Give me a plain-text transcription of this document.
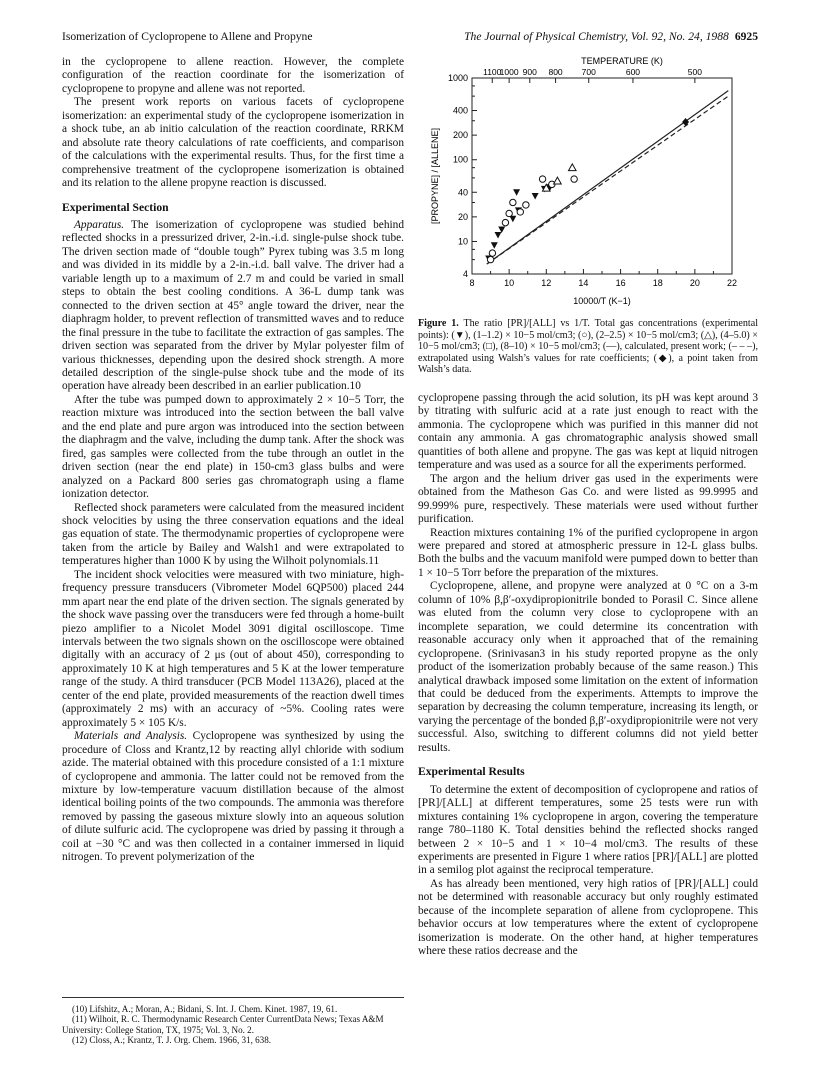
Isomerization of Cyclopropene to Allene and Propyne	The Journal of Physical Chemistry, Vol. 92, No. 24, 1988 6925

in the cyclopropene to allene reaction. However, the complete configuration of the reaction coordinate for the isomerization of cyclopropene to propyne and allene was not reported.

The present work reports on various facets of cyclopropene isomerization: an experimental study of the cyclopropene isomerization in a shock tube, an ab initio calculation of the reaction coordinate, RRKM and absolute rate theory calculations of rate coefficients, and comparison of the calculations with the experimental results. Thus, for the first time a comprehensive treatment of the cyclopropene isomerization is obtained and its relation to the allene propyne reaction is discussed.

Experimental Section

Apparatus. The isomerization of cyclopropene was studied behind reflected shocks in a pressurized driver, 2-in.-i.d. single-pulse shock tube. The driven section made of “double tough” Pyrex tubing was 3.5 m long and was divided in its middle by a 2-in.-i.d. ball valve. The driver had a variable length up to a maximum of 2.7 m and could be varied in small steps to obtain the best cooling conditions. A 36-L dump tank was connected to the driven section at 45° angle toward the driver, near the diaphragm holder, to prevent reflection of transmitted waves and to reduce the final pressure in the tube to facilitate the extraction of gas samples. The driven section was separated from the driver by Mylar polyester film of various thicknesses, depending upon the desired shock strength. A more detailed description of the single-pulse shock tube and the mode of its operation have already been described in an earlier publication.10

After the tube was pumped down to approximately 2 × 10−5 Torr, the reaction mixture was introduced into the section between the ball valve and the end plate and pure argon was introduced into the section between the diaphragm and the valve, including the dump tank. After the shock was fired, gas samples were collected from the tube through an outlet in the driven section (near the end plate) in 150-cm3 glass bulbs and were analyzed on a Packard 800 series gas chromatograph using a flame ionization detector.

Reflected shock parameters were calculated from the measured incident shock velocities by using the three conservation equations and the ideal gas equation of state. The thermodynamic properties of cyclopropene were taken from the article by Bailey and Walsh1 and were extrapolated to temperatures higher than 1000 K by using the Wilhoit polynomials.11

The incident shock velocities were measured with two miniature, high-frequency pressure transducers (Vibrometer Model 6QP500) placed 244 mm apart near the end plate of the driven section. The signals generated by the shock wave passing over the transducers were fed through a home-built piezo amplifier to a Nicolet Model 3091 digital oscilloscope. Time intervals between the two signals shown on the oscilloscope were obtained digitally with an accuracy of 2 μs (out of about 450), corresponding to approximately 10 K at high temperatures and 5 K at the lower temperature range of the study. A third transducer (PCB Model 113A26), placed at the center of the end plate, provided measurements of the reaction dwell times (approximately 2 ms) with an accuracy of ~5%. Cooling rates were approximately 5 × 105 K/s.

Materials and Analysis. Cyclopropene was synthesized by using the procedure of Closs and Krantz,12 by reacting allyl chloride with sodium azide. The material obtained with this procedure consisted of a 1:1 mixture of cyclopropene and ammonia. The latter could not be removed from the mixture by low-temperature vacuum distillation because of the almost identical boiling points of the two compounds. The ammonia was therefore removed by passing the gaseous mixture slowly into an aqueous solution of dilute sulfuric acid. The cyclopropene was dried by passing it through a coil at −30 °C and was then collected in a container immersed in liquid nitrogen. To prevent polymerization of the

(10) Lifshitz, A.; Moran, A.; Bidani, S. Int. J. Chem. Kinet. 1987, 19, 61.
(11) Wilhoit, R. C. Thermodynamic Research Center CurrentData News; Texas A&M University: College Station, TX, 1975; Vol. 3, No. 2.
(12) Closs, A.; Krantz, T. J. Org. Chem. 1966, 31, 638.
TEMPERATURE (K)
[PROPYNE] / [ALLENE]
10000/T (K−1)
8	10	12	14	16	18	20	22
4
10
20
40
100
200
400
1000
1100
1000 900 800 700	600	500
Figure 1. The ratio [PR]/[ALL] vs 1/T. Total gas concentrations (experimental points): (▼), (1–1.2) × 10−5 mol/cm3; (○), (2–2.5) × 10−5 mol/cm3; (△), (4–5.0) × 10−5 mol/cm3; (□), (8–10) × 10−5 mol/cm3; (—), calculated, present work; (– – –), extrapolated using Walsh’s values for rate coefficients; (◆), a point taken from Walsh’s data.

cyclopropene passing through the acid solution, its pH was kept around 3 by titrating with sulfuric acid at a rate just enough to react with the ammonia. The cyclopropene which was purified in this manner did not contain any ammonia. A gas chromatographic analysis showed small quantities of both allene and propyne. The gas was kept at liquid nitrogen temperature and was used as a source for all the experiments performed.

The argon and the helium driver gas used in the experiments were obtained from the Matheson Gas Co. and were listed as 99.9995 and 99.999% pure, respectively. These materials were used without further purification.

Reaction mixtures containing 1% of the purified cyclopropene in argon were prepared and stored at atmospheric pressure in 12-L glass bulbs. Both the bulbs and the vacuum manifold were pumped down to better than 1 × 10−5 Torr before the preparation of the mixtures.

Cyclopropene, allene, and propyne were analyzed at 0 °C on a 3-m column of 10% β,β′-oxydipropionitrile bonded to Porasil C. Since allene was eluted from the column very close to cyclopropene with an incomplete separation, we could determine its concentration with reasonable accuracy only when it approached that of the remaining cyclopropene. (Srinivasan3 in his study reported propyne as the only product of the isomerization probably because of the same reason.) This analytical drawback imposed some limitation on the extent of information that could be deduced from the experiments. Attempts to improve the separation by decreasing the column temperature, increasing its length, or varying the percentage of the bonded β,β′-oxydipropionitrile were not very successful. Also, switching to different columns did not yield better results.

Experimental Results

To determine the extent of decomposition of cyclopropene and ratios of [PR]/[ALL] at different temperatures, some 25 tests were run with mixtures containing 1% cyclopropene in argon, covering the temperature range 780–1180 K. Total densities behind the reflected shocks ranged between 2 × 10−5 and 1 × 10−4 mol/cm3. The results of these experiments are presented in Figure 1 where ratios [PR]/[ALL] are plotted in a semilog plot against the reciprocal temperature.

As has already been mentioned, very high ratios of [PR]/[ALL] could not be determined with reasonable accuracy but only roughly estimated because of the incomplete separation of allene from cyclopropene. This behavior occurs at low temperatures where the extent of cyclopropene isomerization is moderate. On the other hand, at higher temperatures where these ratios decrease and the
